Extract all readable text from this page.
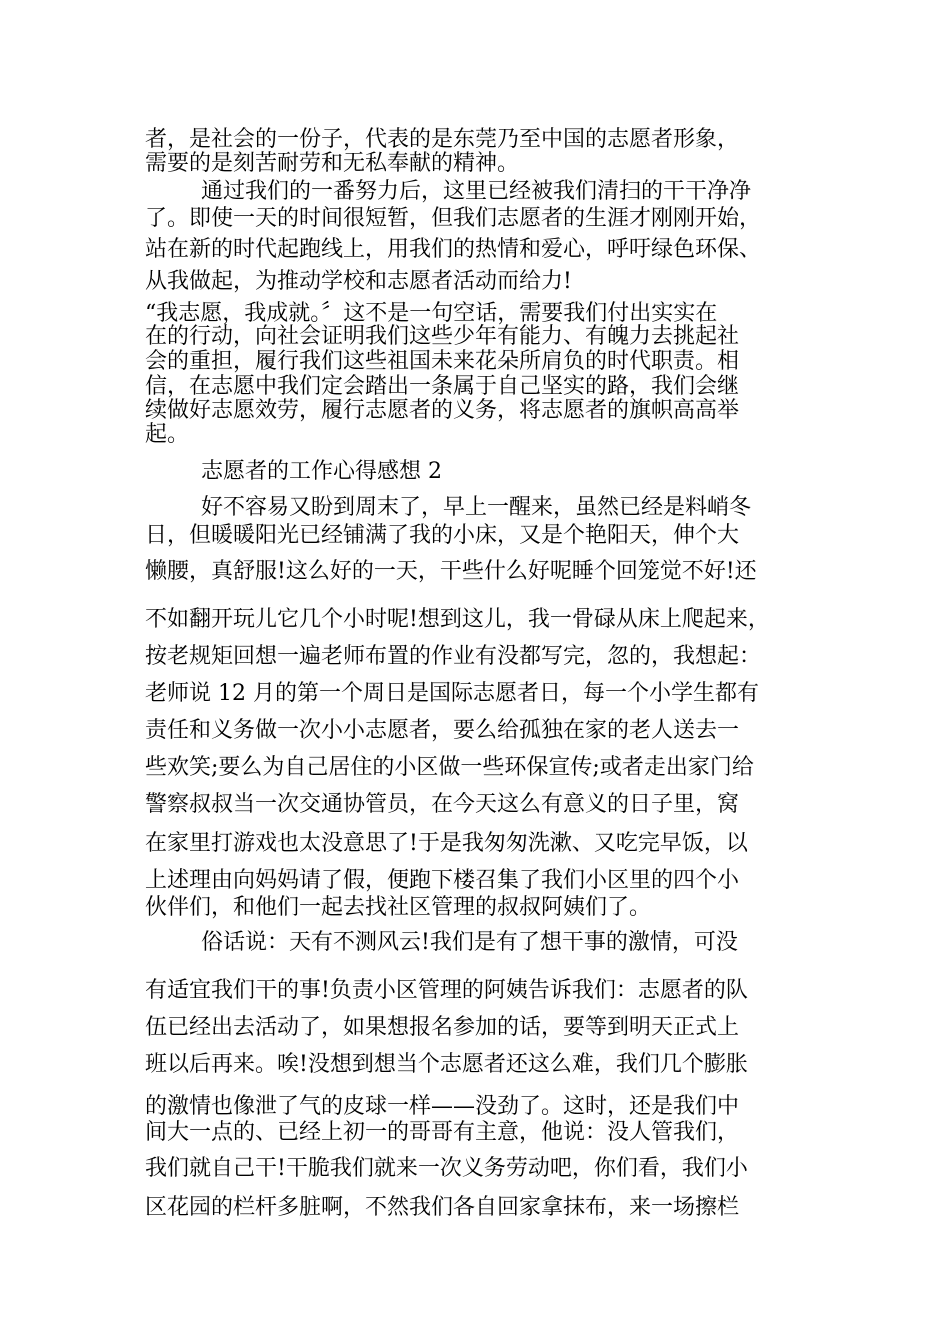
者，是社会的一份子，代表的是东莞乃至中国的志愿者形象，
需要的是刻苦耐劳和无私奉献的精神。
通过我们的一番努力后，这里已经被我们清扫的干干净净
了。即使一天的时间很短暂，但我们志愿者的生涯才刚刚开始，
站在新的时代起跑线上，用我们的热情和爱心，呼吁绿色环保、
从我做起，为推动学校和志愿者活动而给力!
“我志愿，我成就。〞这不是一句空话，需要我们付出实实在
在的行动，向社会证明我们这些少年有能力、有魄力去挑起社
会的重担，履行我们这些祖国未来花朵所肩负的时代职责。相
信，在志愿中我们定会踏出一条属于自己坚实的路，我们会继
续做好志愿效劳，履行志愿者的义务，将志愿者的旗帜高高举
起。
志愿者的工作心得感想 2
好不容易又盼到周末了，早上一醒来，虽然已经是料峭冬
日，但暖暖阳光已经铺满了我的小床，又是个艳阳天，伸个大
懒腰，真舒服!这么好的一天，干些什么好呢睡个回笼觉不好!还
不如翻开玩儿它几个小时呢!想到这儿，我一骨碌从床上爬起来，
按老规矩回想一遍老师布置的作业有没都写完，忽的，我想起：
老师说 12 月的第一个周日是国际志愿者日，每一个小学生都有
责任和义务做一次小小志愿者，要么给孤独在家的老人送去一
些欢笑;要么为自己居住的小区做一些环保宣传;或者走出家门给
警察叔叔当一次交通协管员，在今天这么有意义的日子里，窝
在家里打游戏也太没意思了!于是我匆匆洗漱、又吃完早饭，以
上述理由向妈妈请了假，便跑下楼召集了我们小区里的四个小
伙伴们，和他们一起去找社区管理的叔叔阿姨们了。
俗话说：天有不测风云!我们是有了想干事的激情，可没
有适宜我们干的事!负责小区管理的阿姨告诉我们：志愿者的队
伍已经出去活动了，如果想报名参加的话，要等到明天正式上
班以后再来。唉!没想到想当个志愿者还这么难，我们几个膨胀
的激情也像泄了气的皮球一样——没劲了。这时，还是我们中
间大一点的、已经上初一的哥哥有主意，他说：没人管我们，
我们就自己干!干脆我们就来一次义务劳动吧，你们看，我们小
区花园的栏杆多脏啊，不然我们各自回家拿抹布，来一场擦栏
